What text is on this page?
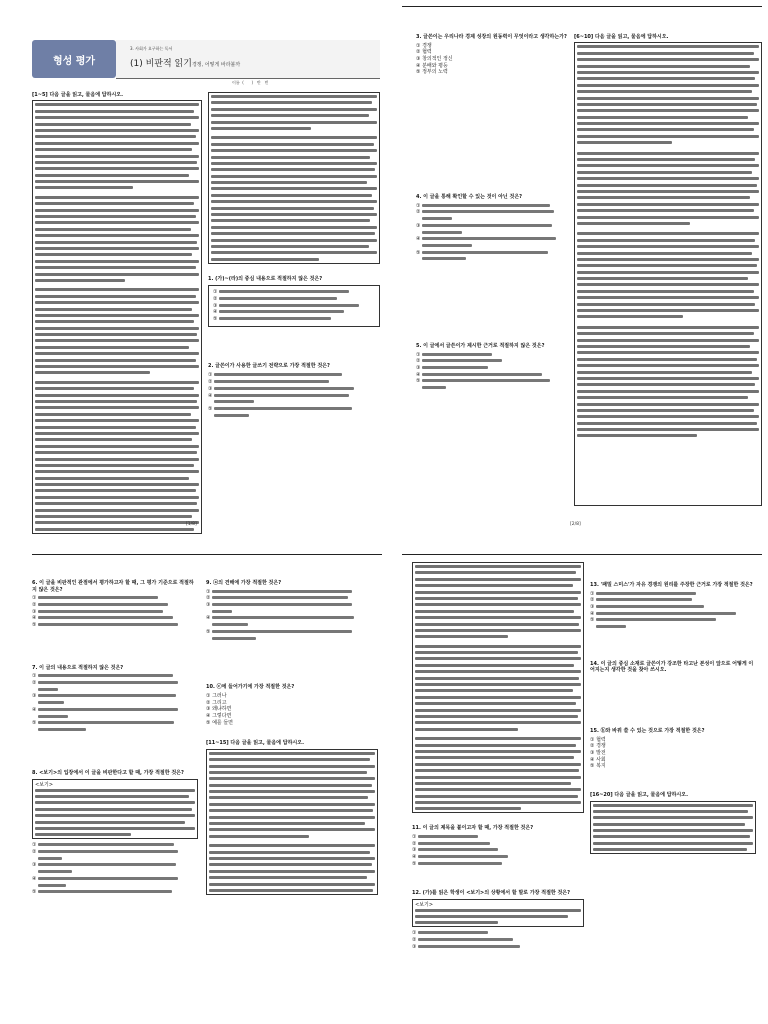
형성 평가
3. 사회가 요구하는 독서
(1) 비판적 읽기경쟁, 어떻게 바라볼까
이름  (      )   반   번
[1~5] 다음 글을 읽고, 물음에 답하시오.
1. (가)~(라)의 중심 내용으로 적절하지 않은 것은?
①
②
③
④
⑤
2. 글쓴이가 사용한 글쓰기 전략으로 가장 적절한 것은?
①
②
③
④

⑤

[1/8]
3. 글쓴이는 우리나라 경제 성장의 원동력이 무엇이라고 생각하는가?
① 경쟁
② 협력
③ 창의적인 정신
④ 분배와 평등
⑤ 정부의 노력
4. 이 글을 통해 확인할 수 있는 것이 아닌 것은?
①
②

③

④

⑤

5. 이 글에서 글쓴이가 제시한 근거로 적절하지 않은 것은?
①
②
③
④
⑤

[6~10] 다음 글을 읽고, 물음에 답하시오.
[2/8]
6. 이 글을 비판적인 관점에서 평가하고자 할 때, 그 평가 기준으로 적절하지 않은 것은?
①
②
③
④
⑤
7. 이 글의 내용으로 적절하지 않은 것은?
①
②

③

④

⑤

8. <보기>의 입장에서 이 글을 비판한다고 할 때, 가장 적절한 것은?
<보기>
①
②

③

④

⑤
9. ⓐ의 견해에 가장 적절한 것은?
①
②
③

④

⑤

10. ⓒ에 들어가기에 가장 적절한 것은?
① 그러나
② 그리고
③ 왜냐하면
④ 그렇다면
⑤ 예를 들면
[11~15] 다음 글을 읽고, 물음에 답하시오.
11. 이 글의 제목을 붙이고자 할 때, 가장 적절한 것은?
①
②
③
④
⑤
12. (가)를 읽은 학생이 <보기>의 상황에서 할 말로 가장 적절한 것은?
<보기>
①
②
③
13. '패밀 스미스'가 자유 경쟁의 원리를 주장한 근거로 가장 적절한 것은?
①
②
③
④
⑤

14. 이 글의 중심 소재로 글쓴이가 강조한 타고난 본성이 앞으로 어떻게 이어지는지 생각한 것을 찾아 쓰시오.
15. ⓑ와 바꿔 쓸 수 있는 것으로 가장 적절한 것은?
① 협력
② 경쟁
③ 발전
④ 사회
⑤ 복지
[16~20] 다음 글을 읽고, 물음에 답하시오.
